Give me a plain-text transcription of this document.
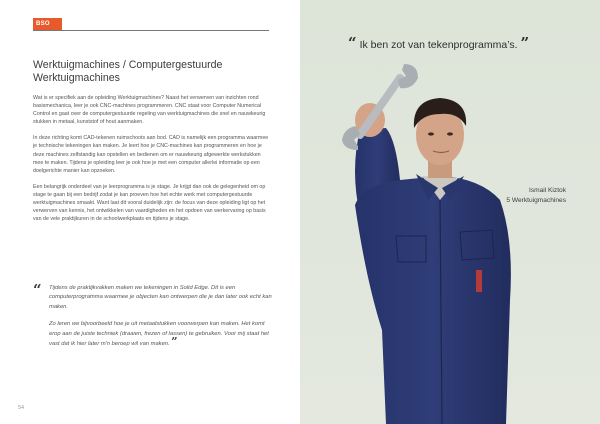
BSO
Werktuigmachines / Computergestuurde
Werktuigmachines

Wat is er specifiek aan de opleiding Werktuigmachines? Naast het verwerven van inzichten rond basismechanica, leer je ook CNC-machines programmeren. CNC staat voor Computer Numerical Control en gaat over de computergestuurde regeling van werktuigmachines die snel en nauwkeurig stukken in metaal, kunststof of hout aanmaken.

In deze richting komt CAD-tekenen ruimschoots aan bod. CAD is namelijk een programma waarmee je technische tekeningen kan maken. Je leert hoe je CNC-machines kan programmeren en hoe je deze machines zelfstandig kan opstellen en bedienen om er nauwkeurig afgewerkte werkstukken mee te maken. Tijdens je opleiding leer je ook hoe je met een computer allerlei informatie op een doelgerichte manier kan opzoeken.

Een belangrijk onderdeel van je leerprogramma is je stage. Je krijgt dan ook de gelegenheid om op stage te gaan bij een bedrijf zodat je kan proeven hoe het echte werk met computergestuurde werktuigmachines smaakt. Want laat dit vooral duidelijk zijn: de focus van deze opleiding ligt op het verwerven van kennis, het ontwikkelen van vaardigheden en het opdoen van werkervaring op basis van de vele praktijkuren in de schoolwerkplaats en tijdens je stage.

“ Tijdens de praktijkvakken maken we tekeningen in Solid Edge. Dit is een computerprogramma waarmee je objecten kan ontwerpen die je dan later ook echt kan maken.

Zo leren we bijvoorbeeld hoe je uit metaalstukken voorwerpen kan maken. Het komt erop aan de juiste techniek (draaien, frezen of lassen) te gebruiken. Voor mij staat het vast dat ik hier later m'n beroep wil van maken. ”

54
“ Ik ben zot van tekenprogramma’s. ”
Ismail Kiztok
5 Werktuigmachines
